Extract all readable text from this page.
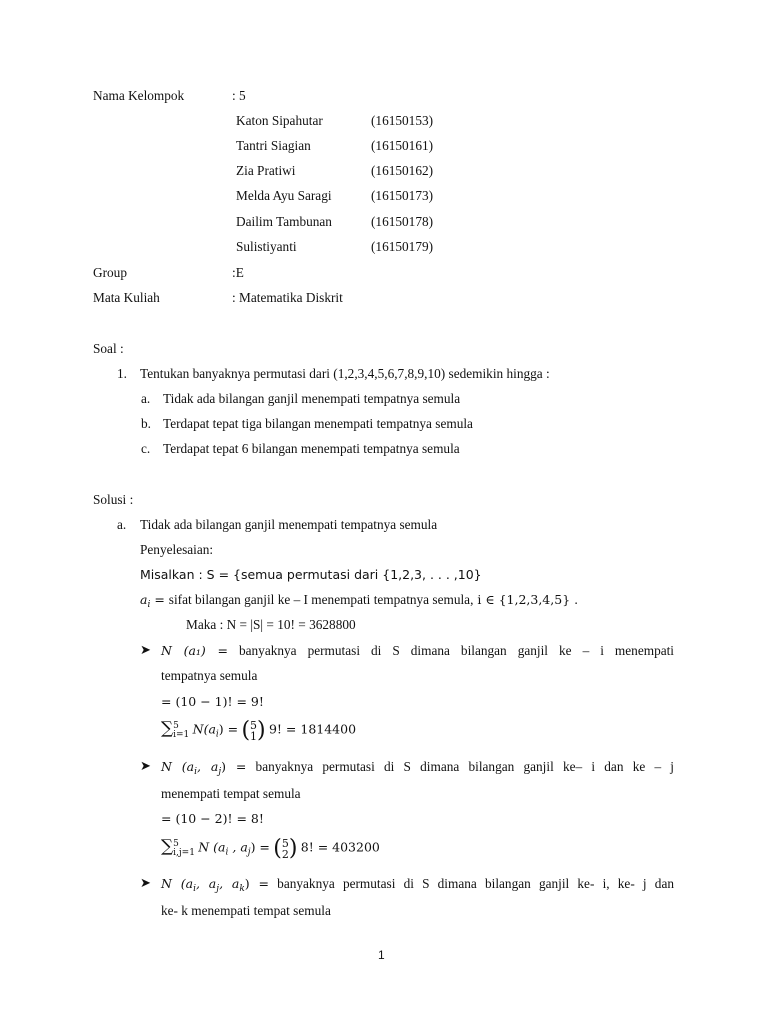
Nama Kelompok	: 5
Katon Sipahutar	(16150153)
Tantri Siagian	(16150161)
Zia Pratiwi	(16150162)
Melda Ayu Saragi	(16150173)
Dailim Tambunan	(16150178)
Sulistiyanti	(16150179)
Group	:E
Mata Kuliah	: Matematika Diskrit
Soal :
1. Tentukan banyaknya permutasi dari (1,2,3,4,5,6,7,8,9,10) sedemikin hingga :
a. Tidak ada bilangan ganjil menempati tempatnya semula
b. Terdapat tepat tiga bilangan menempati tempatnya semula
c. Terdapat tepat 6 bilangan menempati tempatnya semula
Solusi :
a. Tidak ada bilangan ganjil menempati tempatnya semula
Penyelesaian:
Misalkan : S = {semua permutasi dari {1,2,3, . . . ,10}
$a_i$ = sifat bilangan ganjil ke – I menempati tempatnya semula, i ∈ {1,2,3,4,5} .
Maka : N = |S| = 10! = 3628800
➤ N (a₁) = banyaknya permutasi di S dimana bilangan ganjil ke – i menempati
tempatnya semula
= (10 − 1)! = 9!
∑5
i=1 $N(a_i) = (5$
1) 9! = 1814400
➤ N ($a_i$, $a_j$) = banyaknya permutasi di S dimana bilangan ganjil ke– i dan ke – j
menempati tempat semula
= (10 − 2)! = 8!
∑5
i,j=1 N ($a_i$ , $a_j) = (5$
2) 8! = 403200
➤ N ($a_i$, $a_j$, $a_k$) = banyaknya permutasi di S dimana bilangan ganjil ke- i, ke- j dan
ke- k menempati tempat semula
1
